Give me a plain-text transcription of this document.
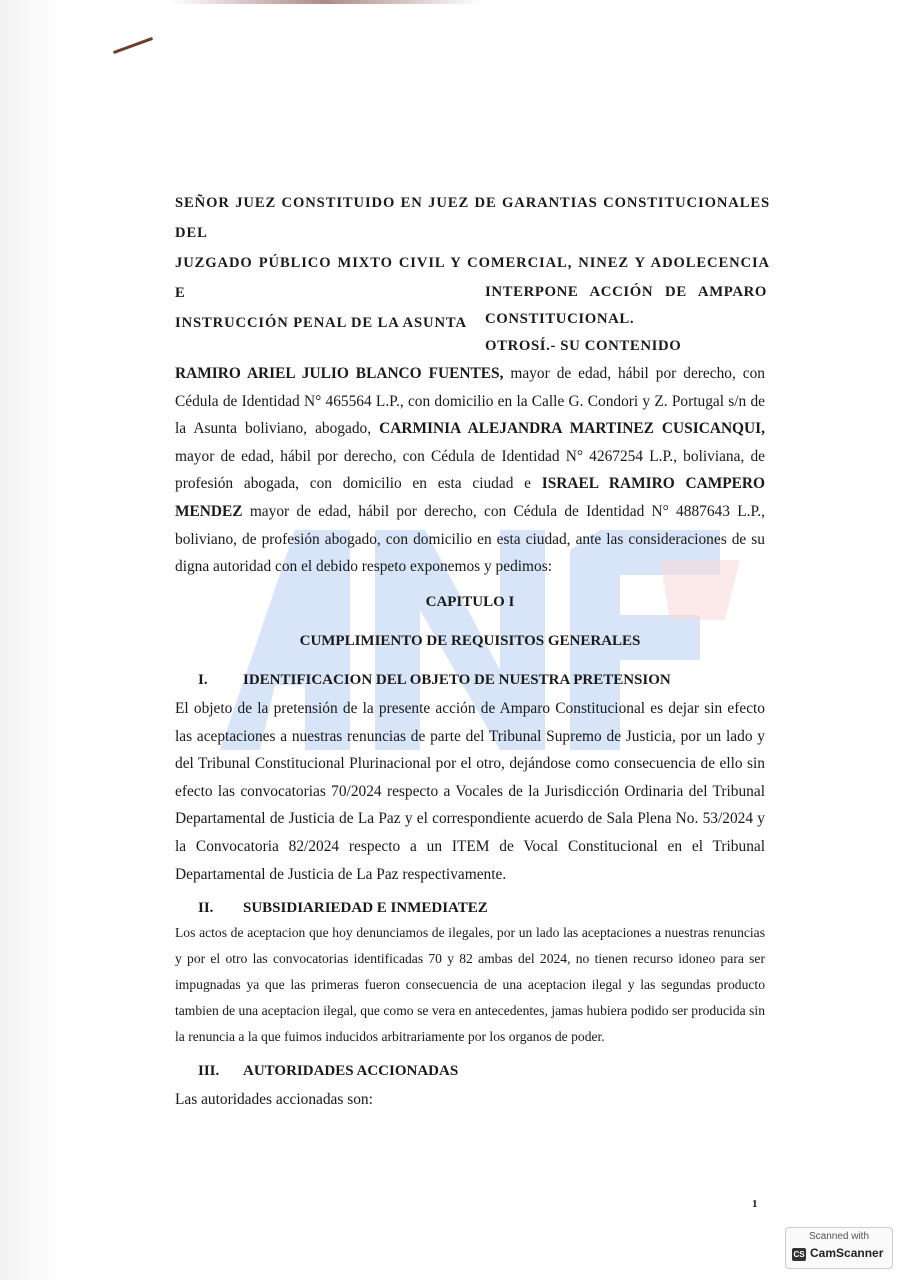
SEÑOR JUEZ CONSTITUIDO EN JUEZ DE GARANTIAS CONSTITUCIONALES DEL
JUZGADO PÚBLICO MIXTO CIVIL Y COMERCIAL, NINEZ Y ADOLECENCIA E
INSTRUCCIÓN PENAL DE LA ASUNTA
INTERPONE ACCIÓN DE AMPARO
CONSTITUCIONAL.
OTROSÍ.- SU CONTENIDO
RAMIRO ARIEL JULIO BLANCO FUENTES, mayor de edad, hábil por derecho, con Cédula de Identidad N° 465564 L.P., con domicilio en la Calle G. Condori y Z. Portugal s/n de la Asunta boliviano, abogado, CARMINIA ALEJANDRA MARTINEZ CUSICANQUI, mayor de edad, hábil por derecho, con Cédula de Identidad N° 4267254 L.P., boliviana, de profesión abogada, con domicilio en esta ciudad e ISRAEL RAMIRO CAMPERO MENDEZ mayor de edad, hábil por derecho, con Cédula de Identidad N° 4887643 L.P., boliviano, de profesión abogado, con domicilio en esta ciudad, ante las consideraciones de su digna autoridad con el debido respeto exponemos y pedimos:
CAPITULO I
CUMPLIMIENTO DE REQUISITOS GENERALES
I. IDENTIFICACION DEL OBJETO DE NUESTRA PRETENSION
El objeto de la pretensión de la presente acción de Amparo Constitucional es dejar sin efecto las aceptaciones a nuestras renuncias de parte del Tribunal Supremo de Justicia, por un lado y del Tribunal Constitucional Plurinacional por el otro, dejándose como consecuencia de ello sin efecto las convocatorias 70/2024 respecto a Vocales de la Jurisdicción Ordinaria del Tribunal Departamental de Justicia de La Paz y el correspondiente acuerdo de Sala Plena No. 53/2024 y la Convocatoria 82/2024 respecto a un ITEM de Vocal Constitucional en el Tribunal Departamental de Justicia de La Paz respectivamente.
II. SUBSIDIARIEDAD E INMEDIATEZ
Los actos de aceptacion que hoy denunciamos de ilegales, por un lado las aceptaciones a nuestras renuncias y por el otro las convocatorias identificadas 70 y 82 ambas del 2024, no tienen recurso idoneo para ser impugnadas ya que las primeras fueron consecuencia de una aceptacion ilegal y las segundas producto tambien de una aceptacion ilegal, que como se vera en antecedentes, jamas hubiera podido ser producida sin la renuncia a la que fuimos inducidos arbitrariamente por los organos de poder.
III. AUTORIDADES ACCIONADAS
Las autoridades accionadas son:
1
Scanned with
CS CamScanner
